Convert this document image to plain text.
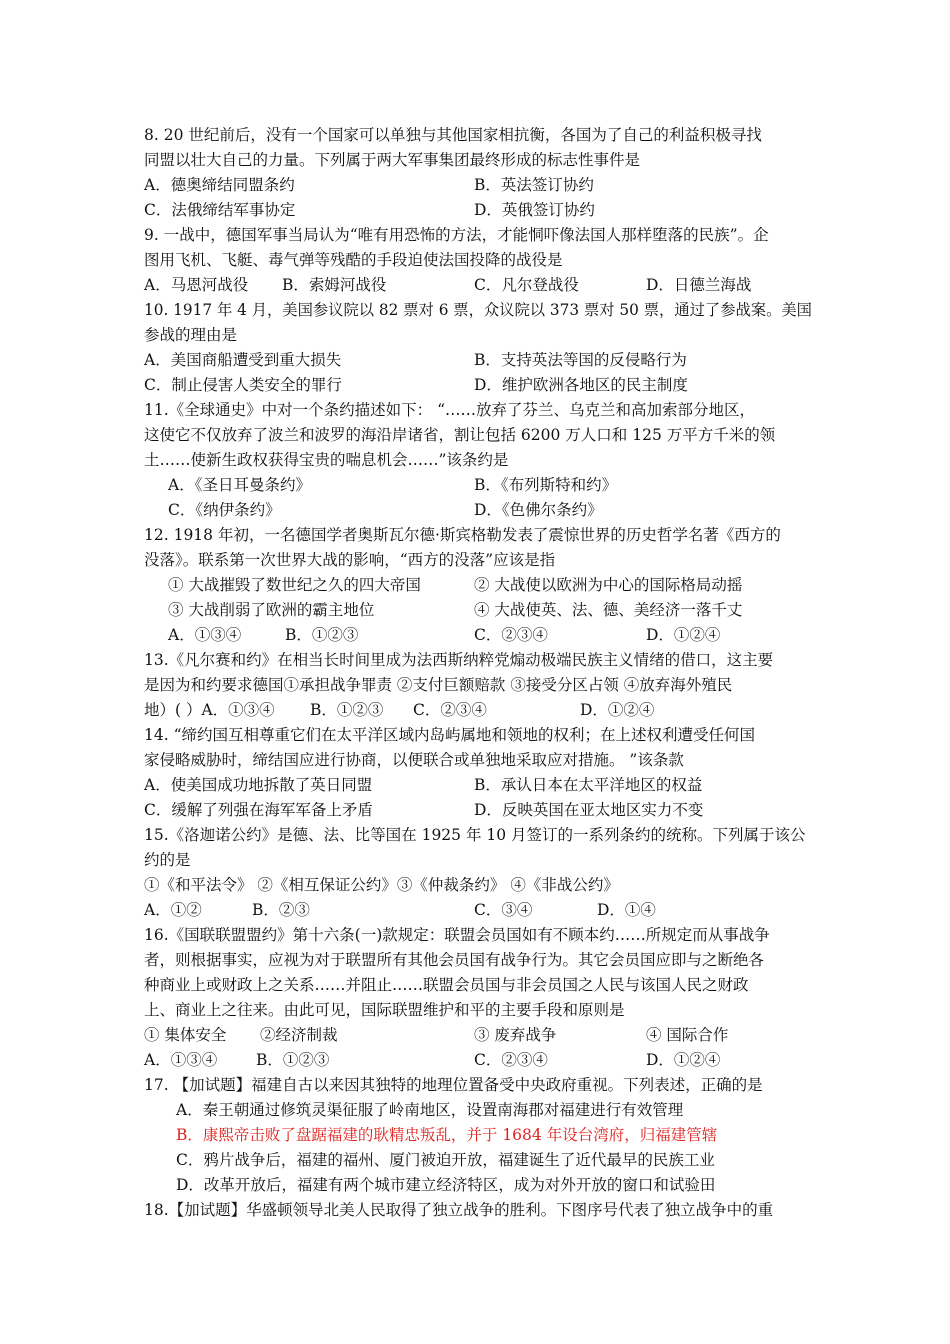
8. 20 世纪前后，没有一个国家可以单独与其他国家相抗衡，各国为了自己的利益积极寻找
同盟以壮大自己的力量。下列属于两大军事集团最终形成的标志性事件是
A．德奥缔结同盟条约	B．英法签订协约
C．法俄缔结军事协定	D．英俄签订协约
9. 一战中，德国军事当局认为“唯有用恐怖的方法，才能恫吓像法国人那样堕落的民族”。企
图用飞机、飞艇、毒气弹等残酷的手段迫使法国投降的战役是
A．马恩河战役 B．索姆河战役	C．凡尔登战役	D．日德兰海战
10. 1917 年 4 月，美国参议院以 82 票对 6 票，众议院以 373 票对 50 票，通过了参战案。美国
参战的理由是
A．美国商船遭受到重大损失	B．支持英法等国的反侵略行为
C．制止侵害人类安全的罪行	D．维护欧洲各地区的民主制度
11.《全球通史》中对一个条约描述如下： “……放弃了芬兰、乌克兰和高加索部分地区，
这使它不仅放弃了波兰和波罗的海沿岸诸省，割让包括 6200 万人口和 125 万平方千米的领
土……使新生政权获得宝贵的喘息机会……”该条约是
A．《圣日耳曼条约》	B．《布列斯特和约》
C．《纳伊条约》	D．《色佛尔条约》
12. 1918 年初，一名德国学者奥斯瓦尔德·斯宾格勒发表了震惊世界的历史哲学名著《西方的
没落》。联系第一次世界大战的影响，“西方的没落”应该是指
① 大战摧毁了数世纪之久的四大帝国	② 大战使以欧洲为中心的国际格局动摇
③ 大战削弱了欧洲的霸主地位	④ 大战使英、法、德、美经济一落千丈
A．①③④	B．①②③	C．②③④	D．①②④
13.《凡尔赛和约》在相当长时间里成为法西斯纳粹党煽动极端民族主义情绪的借口，这主要
是因为和约要求德国①承担战争罪责 ②支付巨额赔款 ③接受分区占领 ④放弃海外殖民
地）( ）A．①③④ B．①②③ C．②③④	D．①②④
14. “缔约国互相尊重它们在太平洋区域内岛屿属地和领地的权利；在上述权利遭受任何国
家侵略威胁时，缔结国应进行协商，以便联合或单独地采取应对措施。 ”该条款
A．使美国成功地拆散了英日同盟	B．承认日本在太平洋地区的权益
C．缓解了列强在海军军备上矛盾	D．反映英国在亚太地区实力不变
15.《洛迦诺公约》是德、法、比等国在 1925 年 10 月签订的一系列条约的统称。下列属于该公
约的是
①《和平法令》 ②《相互保证公约》③《仲裁条约》 ④《非战公约》
A．①②	B．②③	C．③④	D．①④
16.《国联联盟盟约》第十六条(一)款规定：联盟会员国如有不顾本约……所规定而从事战争
者，则根据事实，应视为对于联盟所有其他会员国有战争行为。其它会员国应即与之断绝各
种商业上或财政上之关系……并阻止……联盟会员国与非会员国之人民与该国人民之财政
上、商业上之往来。由此可见，国际联盟维护和平的主要手段和原则是
① 集体安全 ②经济制裁	③ 废弃战争	④ 国际合作
A．①③④	B．①②③	C．②③④	D．①②④
17. 【加试题】福建自古以来因其独特的地理位置备受中央政府重视。下列表述，正确的是
A．秦王朝通过修筑灵渠征服了岭南地区，设置南海郡对福建进行有效管理
B．康熙帝击败了盘踞福建的耿精忠叛乱，并于 1684 年设台湾府，归福建管辖
C．鸦片战争后，福建的福州、厦门被迫开放，福建诞生了近代最早的民族工业
D．改革开放后，福建有两个城市建立经济特区，成为对外开放的窗口和试验田
18.【加试题】华盛顿领导北美人民取得了独立战争的胜利。下图序号代表了独立战争中的重
